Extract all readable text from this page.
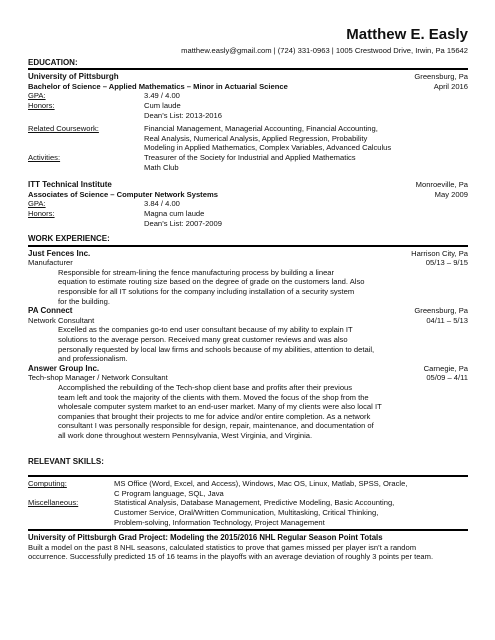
Matthew E. Easly
matthew.easly@gmail.com | (724) 331-0963 | 1005 Crestwood Drive, Irwin, Pa 15642
EDUCATION:
University of Pittsburgh	Greensburg, Pa
Bachelor of Science – Applied Mathematics – Minor in Actuarial Science	April 2016
GPA:	3.49 / 4.00
Honors:	Cum laude
Dean’s List: 2013-2016
Related Coursework:	Financial Management, Managerial Accounting, Financial Accounting,
Real Analysis, Numerical Analysis, Applied Regression, Probability
Modeling in Applied Mathematics, Complex Variables, Advanced Calculus
Activities:	Treasurer of the Society for Industrial and Applied Mathematics
Math Club
ITT Technical Institute	Monroeville, Pa
Associates of Science – Computer Network Systems	May 2009
GPA:	3.84 / 4.00
Honors:	Magna cum laude
Dean’s List: 2007-2009
WORK EXPERIENCE:
Just Fences Inc.	Harrison City, Pa
Manufacturer	05/13 – 9/15
Responsible for stream-lining the fence manufacturing process by building a linear
equation to estimate routing size based on the degree of grade on the customers land. Also
responsible for all IT solutions for the company including installation of a security system
for the building.
PA Connect	Greensburg, Pa
Network Consultant	04/11 – 5/13
Excelled as the companies go-to end user consultant because of my ability to explain IT
solutions to the average person. Received many great customer reviews and was also
personally requested by local law firms and schools because of my abilities, attention to detail,
and professionalism.
Answer Group Inc.	Carnegie, Pa
Tech-shop Manager / Network Consultant	05/09 – 4/11
Accomplished the rebuilding of the Tech-shop client base and profits after their previous
team left and took the majority of the clients with them. Moved the focus of the shop from the
wholesale computer system market to an end-user market. Many of my clients were also local IT
companies that brought their projects to me for advice and/or entire completion. As a network
consultant I was personally responsible for design, repair, maintenance, and documentation of
all work done throughout western Pennsylvania, West Virginia, and Virginia.
RELEVANT SKILLS:
Computing:	MS Office (Word, Excel, and Access), Windows, Mac OS, Linux, Matlab, SPSS, Oracle,
C Program language, SQL, Java
Miscellaneous:	Statistical Analysis, Database Management, Predictive Modeling, Basic Accounting,
Customer Service, Oral/Written Communication, Multitasking, Critical Thinking,
Problem-solving, Information Technology, Project Management
University of Pittsburgh Grad Project: Modeling the 2015/2016 NHL Regular Season Point Totals
Built a model on the past 8 NHL seasons, calculated statistics to prove that games missed per player isn’t a random
occurrence. Successfully predicted 15 of 16 teams in the playoffs with an average deviation of roughly 3 points per team.
